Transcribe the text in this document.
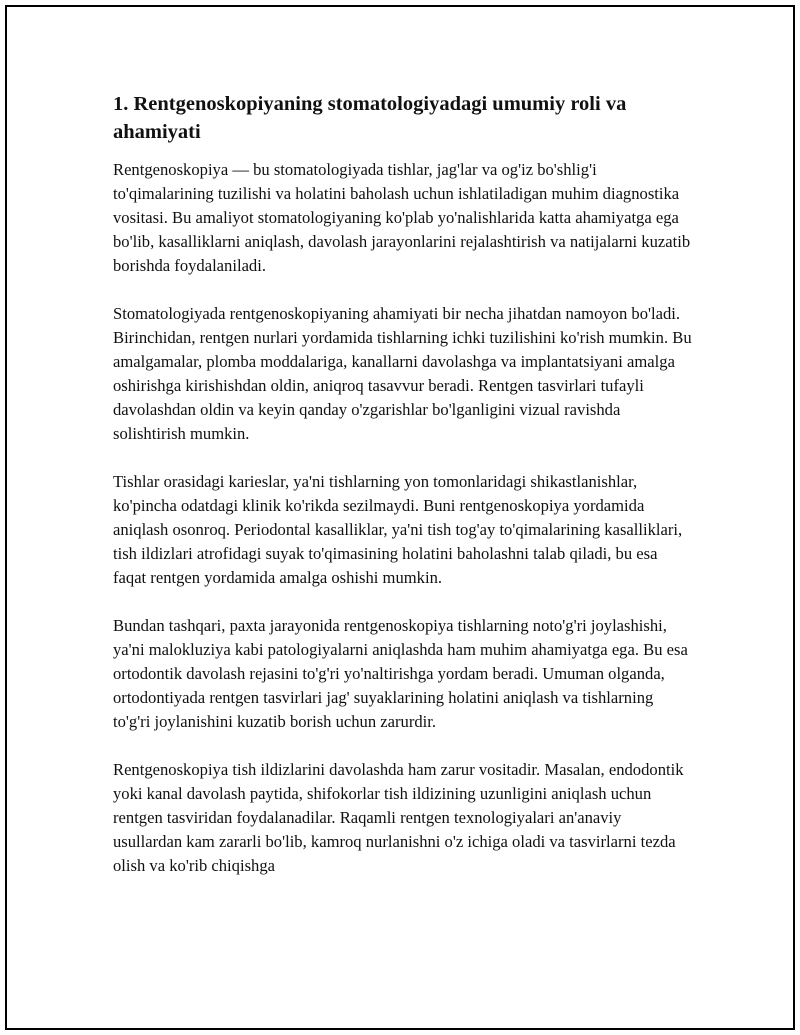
1. Rentgenoskopiyaning stomatologiyadagi umumiy roli va ahamiyati

Rentgenoskopiya — bu stomatologiyada tishlar, jag'lar va og'iz bo'shlig'i to'qimalarining tuzilishi va holatini baholash uchun ishlatiladigan muhim diagnostika vositasi. Bu amaliyot stomatologiyaning ko'plab yo'nalishlarida katta ahamiyatga ega bo'lib, kasalliklarni aniqlash, davolash jarayonlarini rejalashtirish va natijalarni kuzatib borishda foydalaniladi.

Stomatologiyada rentgenoskopiyaning ahamiyati bir necha jihatdan namoyon bo'ladi. Birinchidan, rentgen nurlari yordamida tishlarning ichki tuzilishini ko'rish mumkin. Bu amalgamalar, plomba moddalariga, kanallarni davolashga va implantatsiyani amalga oshirishga kirishishdan oldin, aniqroq tasavvur beradi. Rentgen tasvirlari tufayli davolashdan oldin va keyin qanday o'zgarishlar bo'lganligini vizual ravishda solishtirish mumkin.

Tishlar orasidagi karieslar, ya'ni tishlarning yon tomonlaridagi shikastlanishlar, ko'pincha odatdagi klinik ko'rikda sezilmaydi. Buni rentgenoskopiya yordamida aniqlash osonroq. Periodontal kasalliklar, ya'ni tish tog'ay to'qimalarining kasalliklari, tish ildizlari atrofidagi suyak to'qimasining holatini baholashni talab qiladi, bu esa faqat rentgen yordamida amalga oshishi mumkin.

Bundan tashqari, paxta jarayonida rentgenoskopiya tishlarning noto'g'ri joylashishi, ya'ni malokluziya kabi patologiyalarni aniqlashda ham muhim ahamiyatga ega. Bu esa ortodontik davolash rejasini to'g'ri yo'naltirishga yordam beradi. Umuman olganda, ortodontiyada rentgen tasvirlari jag' suyaklarining holatini aniqlash va tishlarning to'g'ri joylanishini kuzatib borish uchun zarurdir.

Rentgenoskopiya tish ildizlarini davolashda ham zarur vositadir. Masalan, endodontik yoki kanal davolash paytida, shifokorlar tish ildizining uzunligini aniqlash uchun rentgen tasviridan foydalanadilar. Raqamli rentgen texnologiyalari an'anaviy usullardan kam zararli bo'lib, kamroq nurlanishni o'z ichiga oladi va tasvirlarni tezda olish va ko'rib chiqishga
